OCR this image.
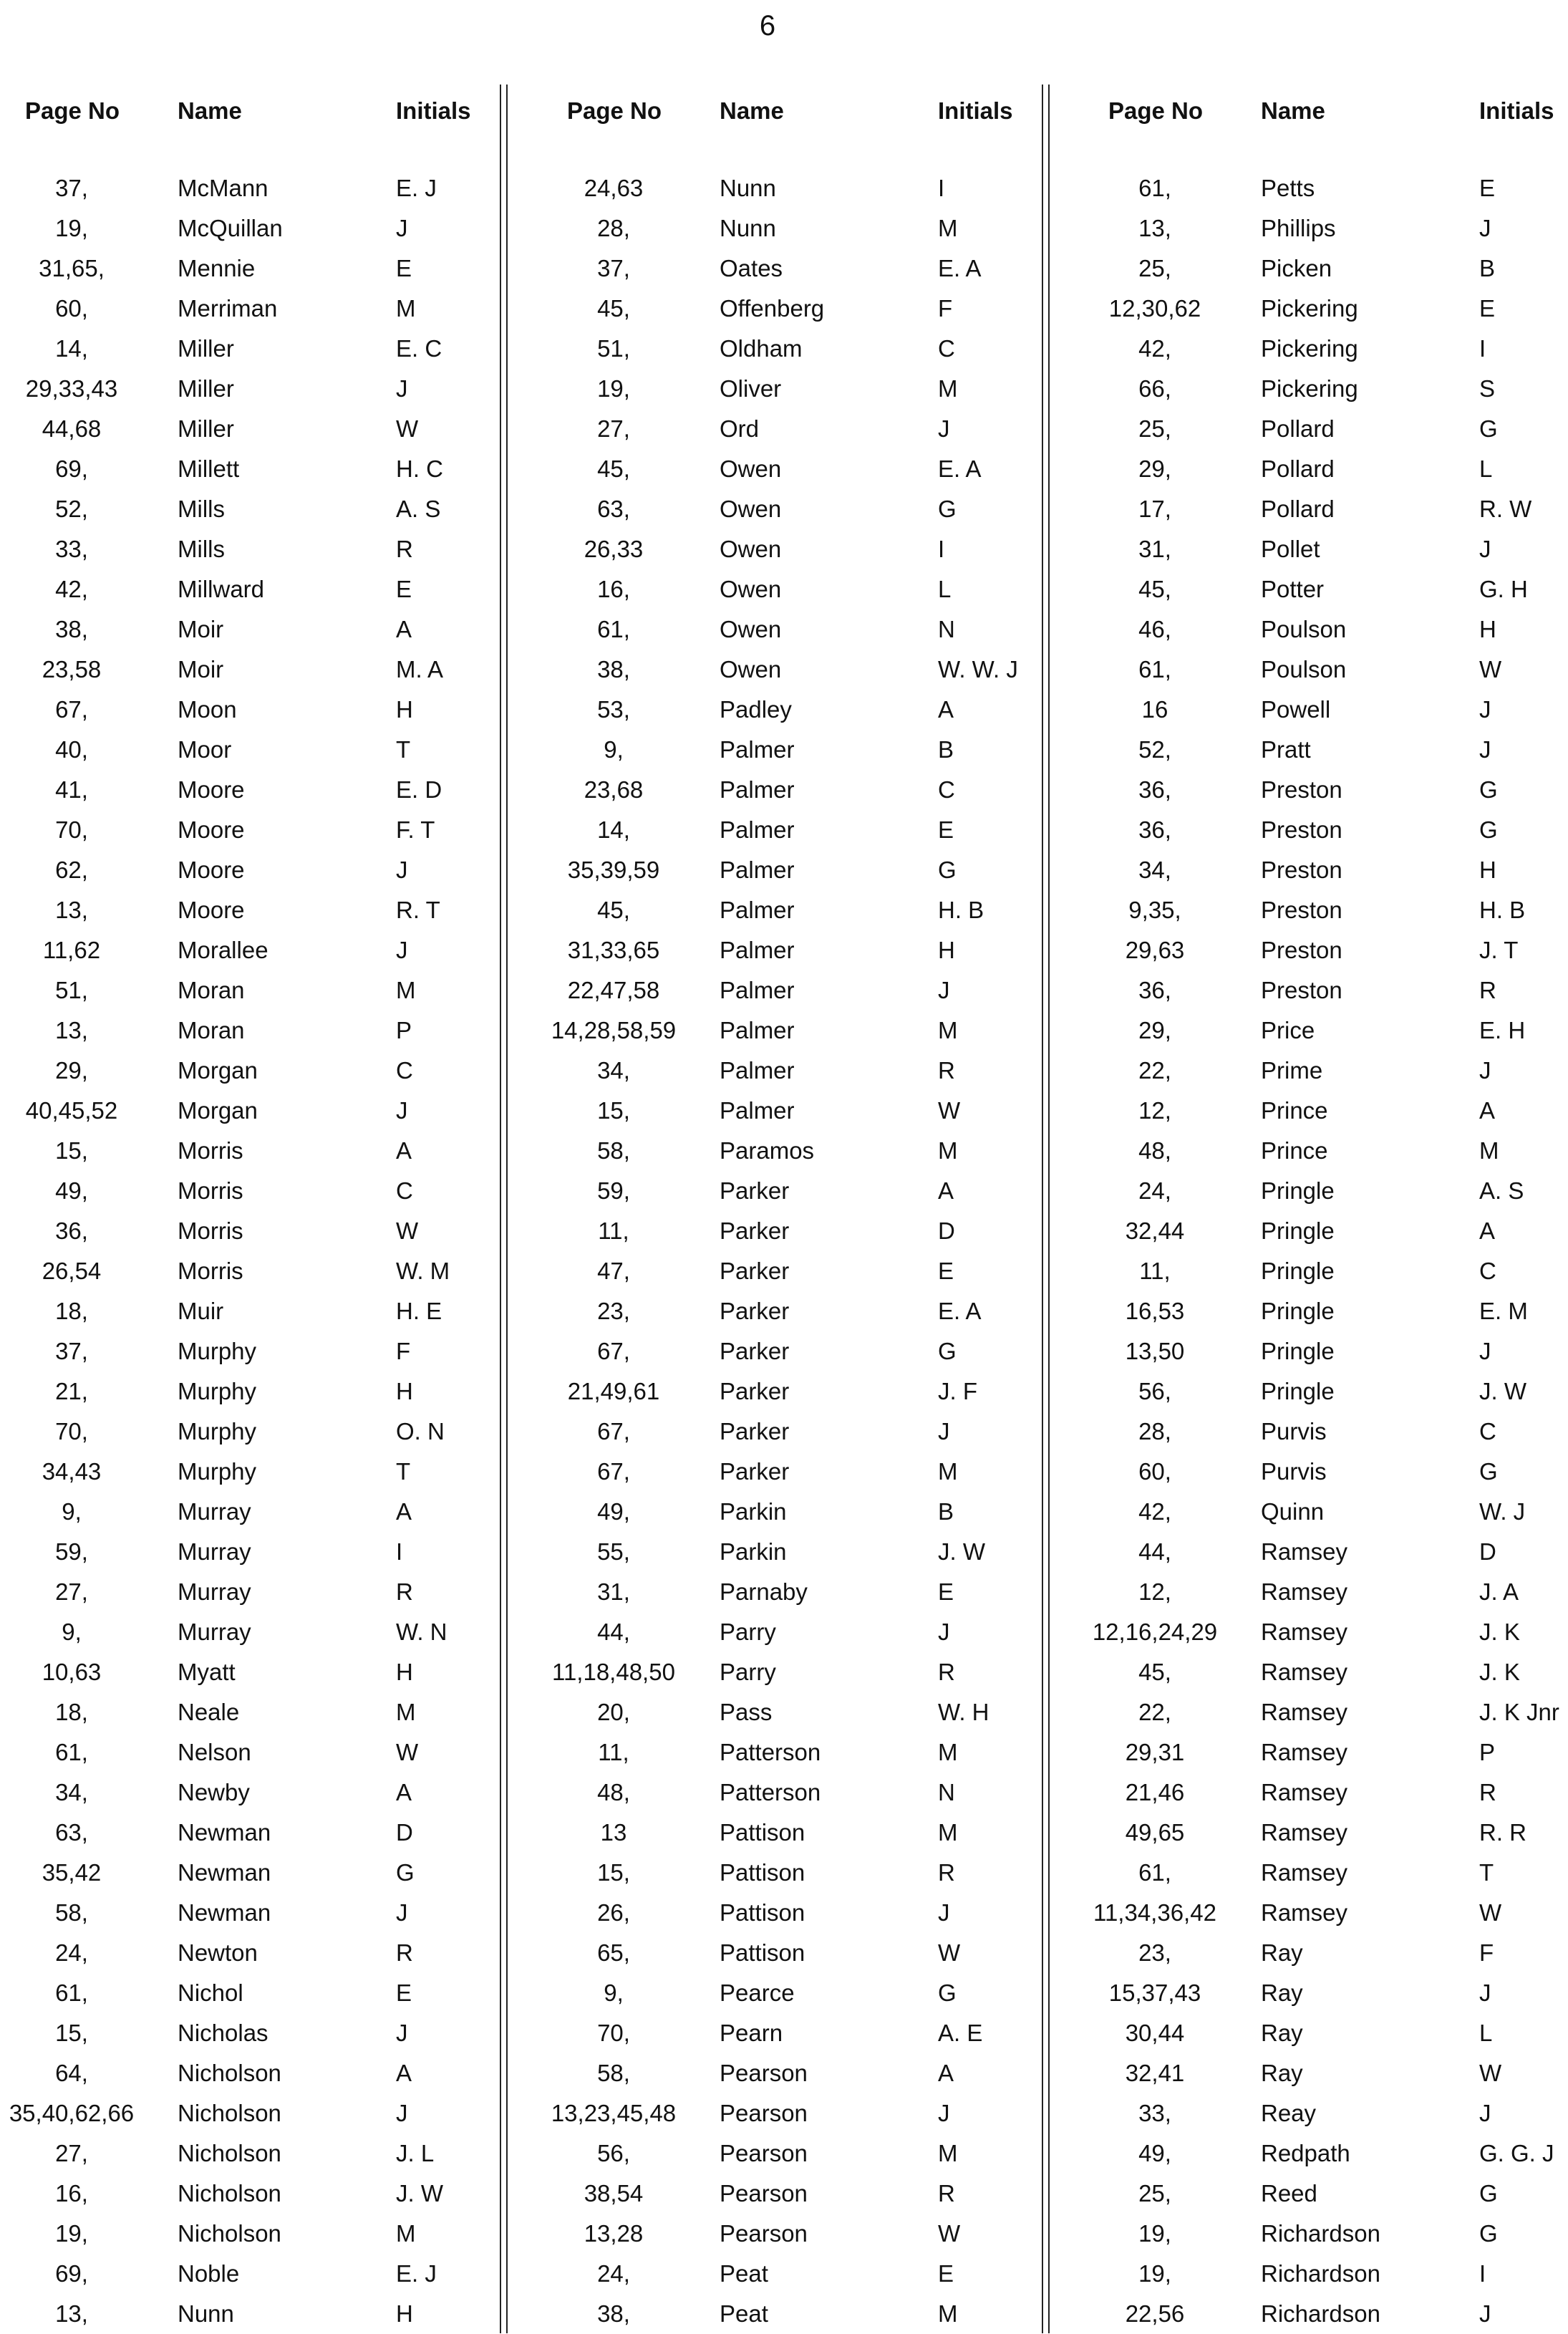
6
Page No Name	Initials
37,	McMann	E. J
19,	McQuillan	J
31,65,	Mennie	E
60,	Merriman	M
14,	Miller	E. C
29,33,43	Miller	J
44,68	Miller	W
69,	Millett	H. C
52,	Mills	A. S
33,	Mills	R
42,	Millward	E
38,	Moir	A
23,58	Moir	M. A
67,	Moon	H
40,	Moor	T
41,	Moore	E. D
70,	Moore	F. T
62,	Moore	J
13,	Moore	R. T
11,62	Morallee	J
51,	Moran	M
13,	Moran	P
29,	Morgan	C
40,45,52	Morgan	J
15,	Morris	A
49,	Morris	C
36,	Morris	W
26,54	Morris	W. M
18,	Muir	H. E
37,	Murphy	F
21,	Murphy	H
70,	Murphy	O. N
34,43	Murphy	T
9,	Murray	A
59,	Murray	I
27,	Murray	R
9,	Murray	W. N
10,63	Myatt	H
18,	Neale	M
61,	Nelson	W
34,	Newby	A
63,	Newman	D
35,42	Newman	G
58,	Newman	J
24,	Newton	R
61,	Nichol	E
15,	Nicholas	J
64,	Nicholson	A
35,40,62,66	Nicholson	J
27,	Nicholson	J. L
16,	Nicholson	J. W
19,	Nicholson	M
69,	Noble	E. J
13,	Nunn	H
Page No Name	Initials
24,63	Nunn	I
28,	Nunn	M
37,	Oates	E. A
45,	Offenberg	F
51,	Oldham	C
19,	Oliver	M
27,	Ord	J
45,	Owen	E. A
63,	Owen	G
26,33	Owen	I
16,	Owen	L
61,	Owen	N
38,	Owen	W. W. J
53,	Padley	A
9,	Palmer	B
23,68	Palmer	C
14,	Palmer	E
35,39,59	Palmer	G
45,	Palmer	H. B
31,33,65	Palmer	H
22,47,58	Palmer	J
14,28,58,59	Palmer	M
34,	Palmer	R
15,	Palmer	W
58,	Paramos	M
59,	Parker	A
11,	Parker	D
47,	Parker	E
23,	Parker	E. A
67,	Parker	G
21,49,61	Parker	J. F
67,	Parker	J
67,	Parker	M
49,	Parkin	B
55,	Parkin	J. W
31,	Parnaby	E
44,	Parry	J
11,18,48,50	Parry	R
20,	Pass	W. H
11,	Patterson	M
48,	Patterson	N
13	Pattison	M
15,	Pattison	R
26,	Pattison	J
65,	Pattison	W
9,	Pearce	G
70,	Pearn	A. E
58,	Pearson	A
13,23,45,48	Pearson	J
56,	Pearson	M
38,54	Pearson	R
13,28	Pearson	W
24,	Peat	E
38,	Peat	M
Page No Name	Initials
61,	Petts	E
13,	Phillips	J
25,	Picken	B
12,30,62	Pickering	E
42,	Pickering	I
66,	Pickering	S
25,	Pollard	G
29,	Pollard	L
17,	Pollard	R. W
31,	Pollet	J
45,	Potter	G. H
46,	Poulson	H
61,	Poulson	W
16	Powell	J
52,	Pratt	J
36,	Preston	G
36,	Preston	G
34,	Preston	H
9,35,	Preston	H. B
29,63	Preston	J. T
36,	Preston	R
29,	Price	E. H
22,	Prime	J
12,	Prince	A
48,	Prince	M
24,	Pringle	A. S
32,44	Pringle	A
11,	Pringle	C
16,53	Pringle	E. M
13,50	Pringle	J
56,	Pringle	J. W
28,	Purvis	C
60,	Purvis	G
42,	Quinn	W. J
44,	Ramsey	D
12,	Ramsey	J. A
12,16,24,29	Ramsey	J. K
45,	Ramsey	J. K
22,	Ramsey	J. K Jnr
29,31	Ramsey	P
21,46	Ramsey	R
49,65	Ramsey	R. R
61,	Ramsey	T
11,34,36,42	Ramsey	W
23,	Ray	F
15,37,43	Ray	J
30,44	Ray	L
32,41	Ray	W
33,	Reay	J
49,	Redpath	G. G. J
25,	Reed	G
19,	Richardson	G
19,	Richardson	I
22,56	Richardson	J
